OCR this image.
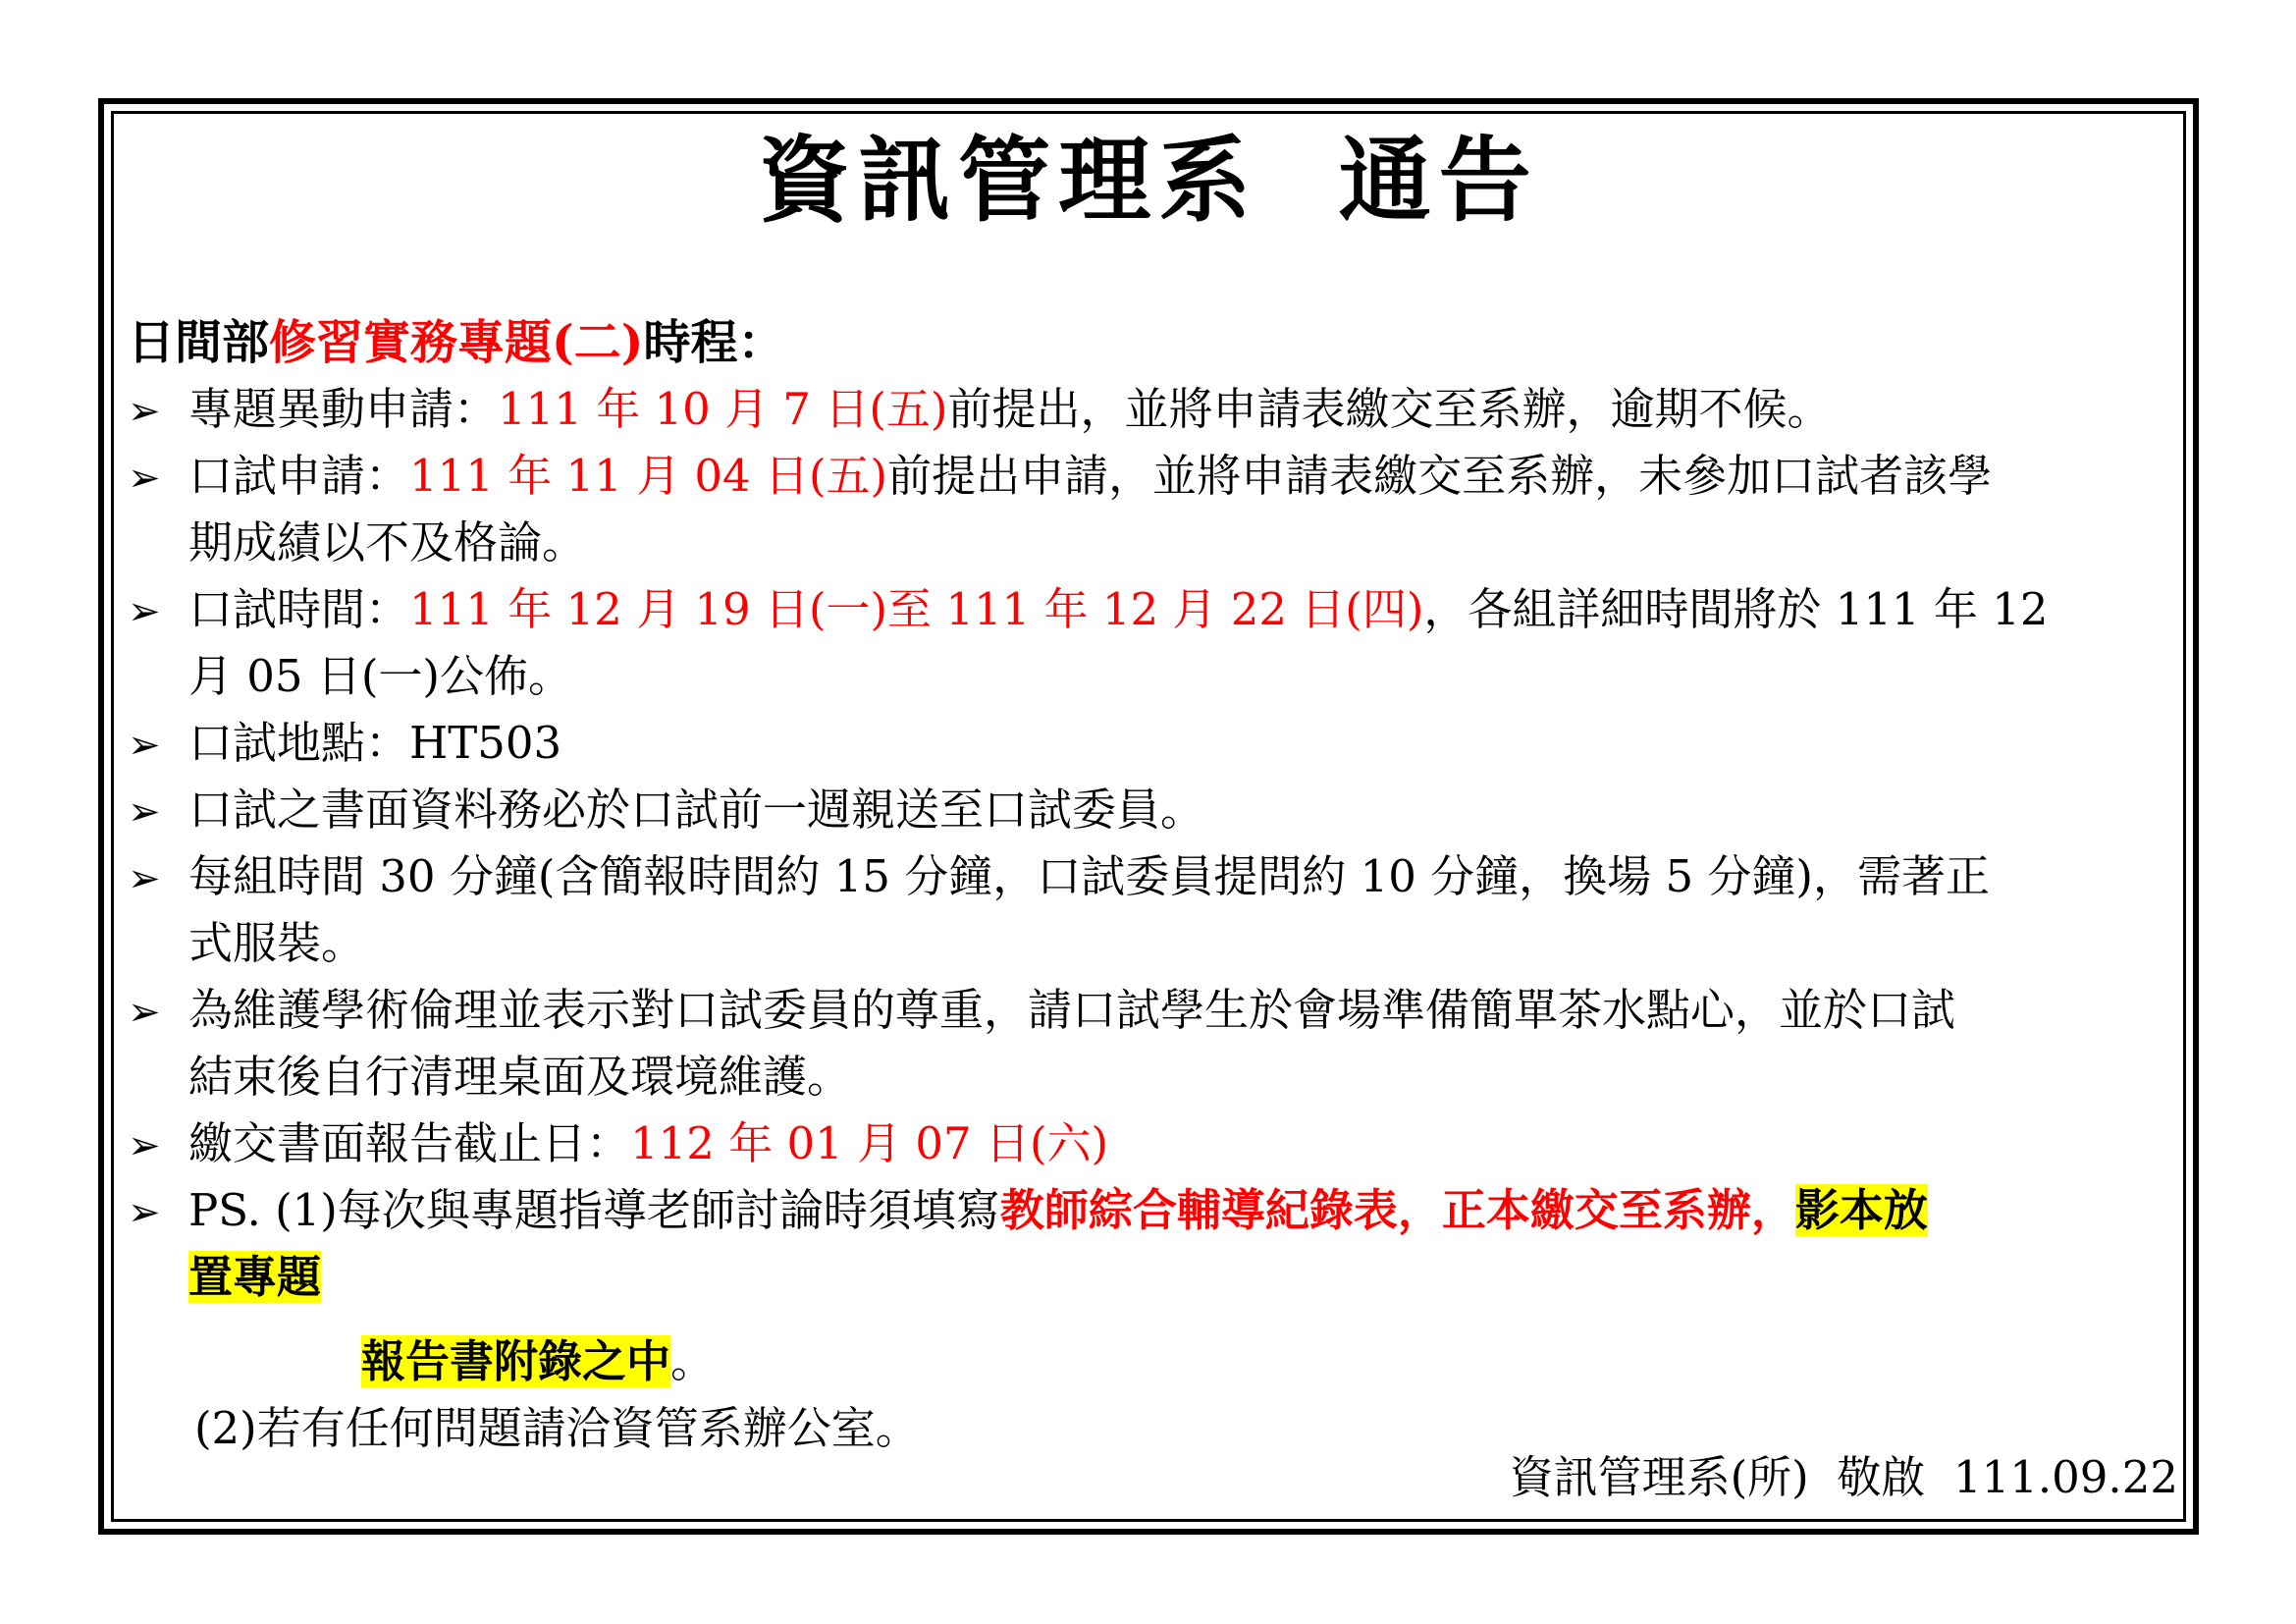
資訊管理系  通告
日間部修習實務專題(二)時程：
➢ 專題異動申請：111 年 10 月 7 日(五)前提出，並將申請表繳交至系辦，逾期不候。
➢ 口試申請：111 年 11 月 04 日(五)前提出申請，並將申請表繳交至系辦，未參加口試者該學
期成績以不及格論。
➢ 口試時間：111 年 12 月 19 日(一)至 111 年 12 月 22 日(四)，各組詳細時間將於 111 年 12
月 05 日(一)公佈。
➢ 口試地點：HT503
➢ 口試之書面資料務必於口試前一週親送至口試委員。
➢ 每組時間 30 分鐘(含簡報時間約 15 分鐘，口試委員提問約 10 分鐘，換場 5 分鐘)，需著正
式服裝。
➢ 為維護學術倫理並表示對口試委員的尊重，請口試學生於會場準備簡單茶水點心，並於口試
結束後自行清理桌面及環境維護。
➢ 繳交書面報告截止日：112 年 01 月 07 日(六)
➢ PS. (1)每次與專題指導老師討論時須填寫教師綜合輔導紀錄表，正本繳交至系辦，影本放
置專題
報告書附錄之中。
(2)若有任何問題請洽資管系辦公室。
資訊管理系(所) 敬啟 111.09.22
